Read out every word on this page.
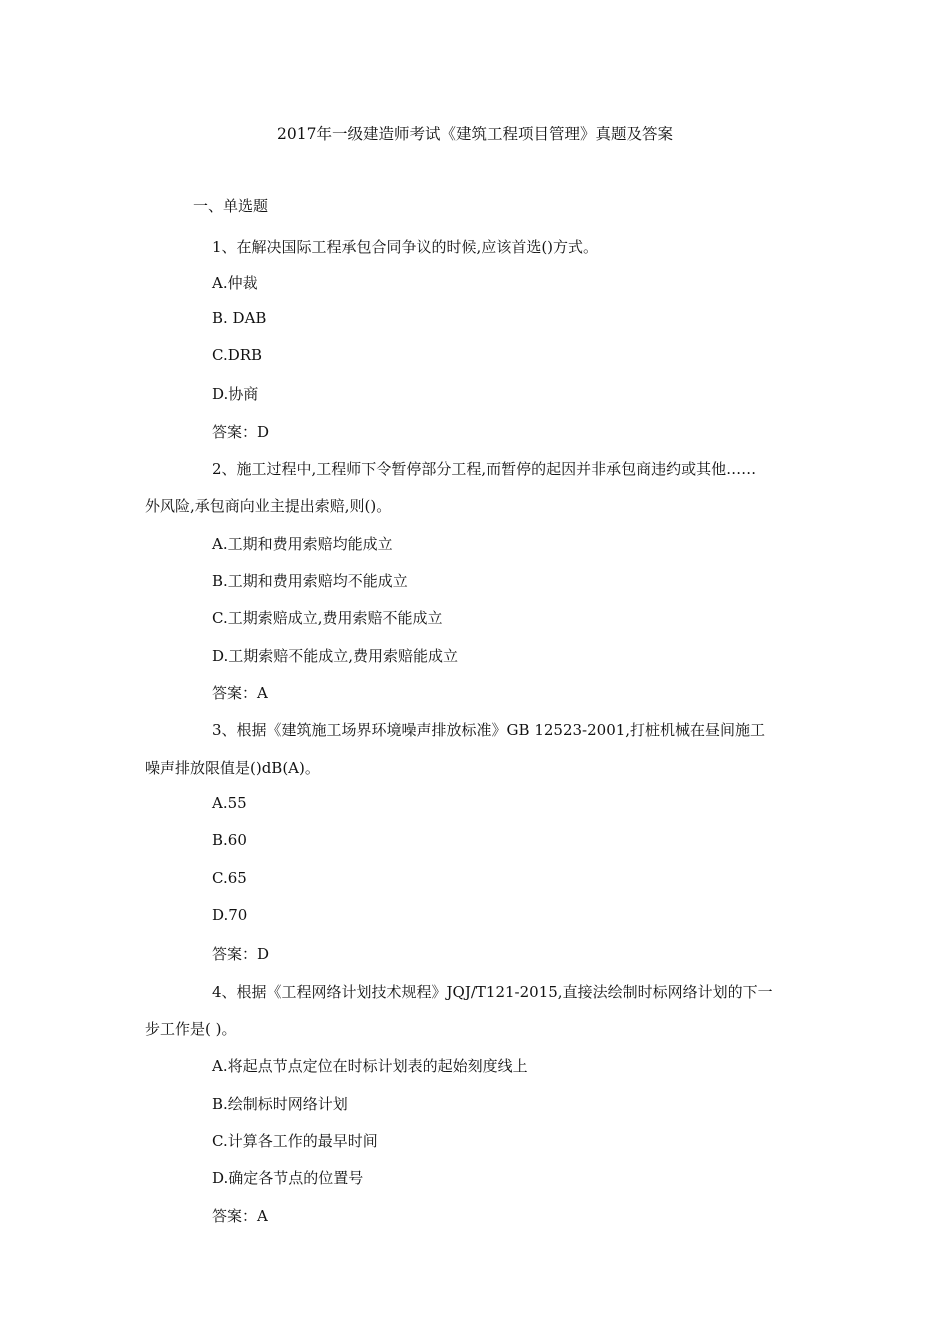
2017年一级建造师考试《建筑工程项目管理》真题及答案

一、单选题

1、在解决国际工程承包合同争议的时候,应该首选()方式。

A.仲裁

B. DAB

C.DRB

D.协商

答案：D

2、施工过程中,工程师下令暂停部分工程,而暂停的起因并非承包商违约或其他……

外风险,承包商向业主提出索赔,则()。

A.工期和费用索赔均能成立

B.工期和费用索赔均不能成立

C.工期索赔成立,费用索赔不能成立

D.工期索赔不能成立,费用索赔能成立

答案：A

3、根据《建筑施工场界环境噪声排放标准》GB 12523-2001,打桩机械在昼间施工

噪声排放限值是()dB(A)。

A.55

B.60

C.65

D.70

答案：D

4、根据《工程网络计划技术规程》JQJ/T121-2015,直接法绘制时标网络计划的下一

步工作是( )。

A.将起点节点定位在时标计划表的起始刻度线上

B.绘制标时网络计划

C.计算各工作的最早时间

D.确定各节点的位置号

答案：A
